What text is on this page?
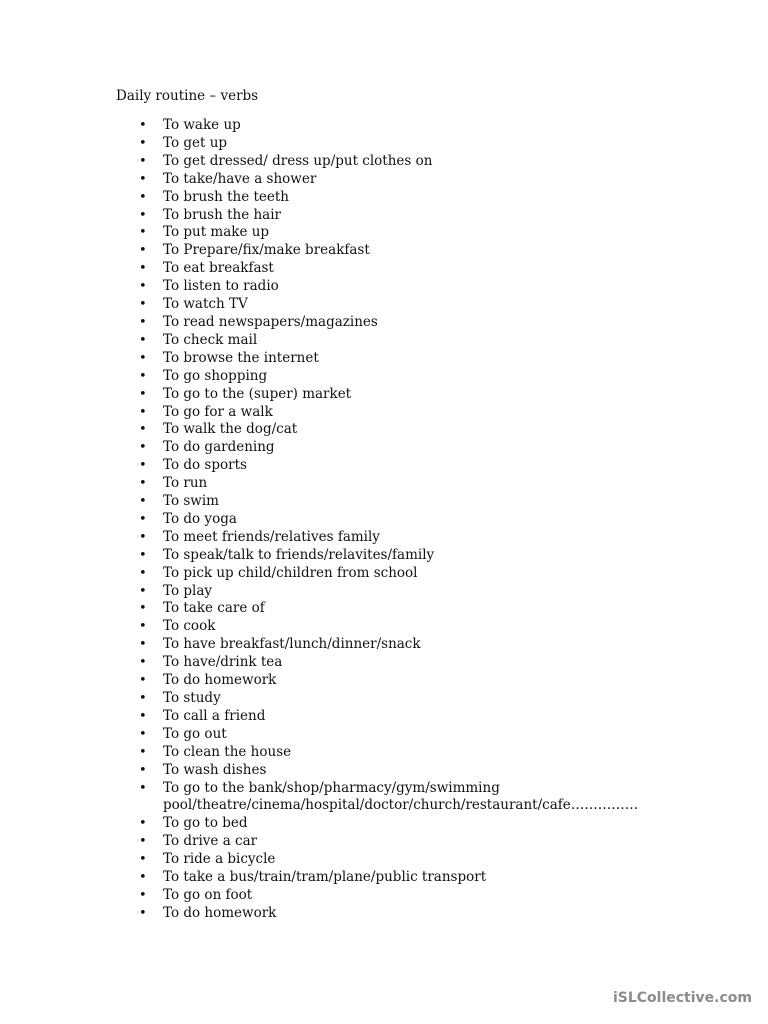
Daily routine – verbs
• To wake up
• To get up
• To get dressed/ dress up/put clothes on
• To take/have a shower
• To brush the teeth
• To brush the hair
• To put make up
• To Prepare/fix/make breakfast
• To eat breakfast
• To listen to radio
• To watch TV
• To read newspapers/magazines
• To check mail
• To browse the internet
• To go shopping
• To go to the (super) market
• To go for a walk
• To walk the dog/cat
• To do gardening
• To do sports
• To run
• To swim
• To do yoga
• To meet friends/relatives family
• To speak/talk to friends/relavites/family
• To pick up child/children from school
• To play
• To take care of
• To cook
• To have breakfast/lunch/dinner/snack
• To have/drink tea
• To do homework
• To study
• To call a friend
• To go out
• To clean the house
• To wash dishes
• To go to the bank/shop/pharmacy/gym/swimming
pool/theatre/cinema/hospital/doctor/church/restaurant/cafe……………
• To go to bed
• To drive a car
• To ride a bicycle
• To take a bus/train/tram/plane/public transport
• To go on foot
• To do homework
iSLCollective.com
